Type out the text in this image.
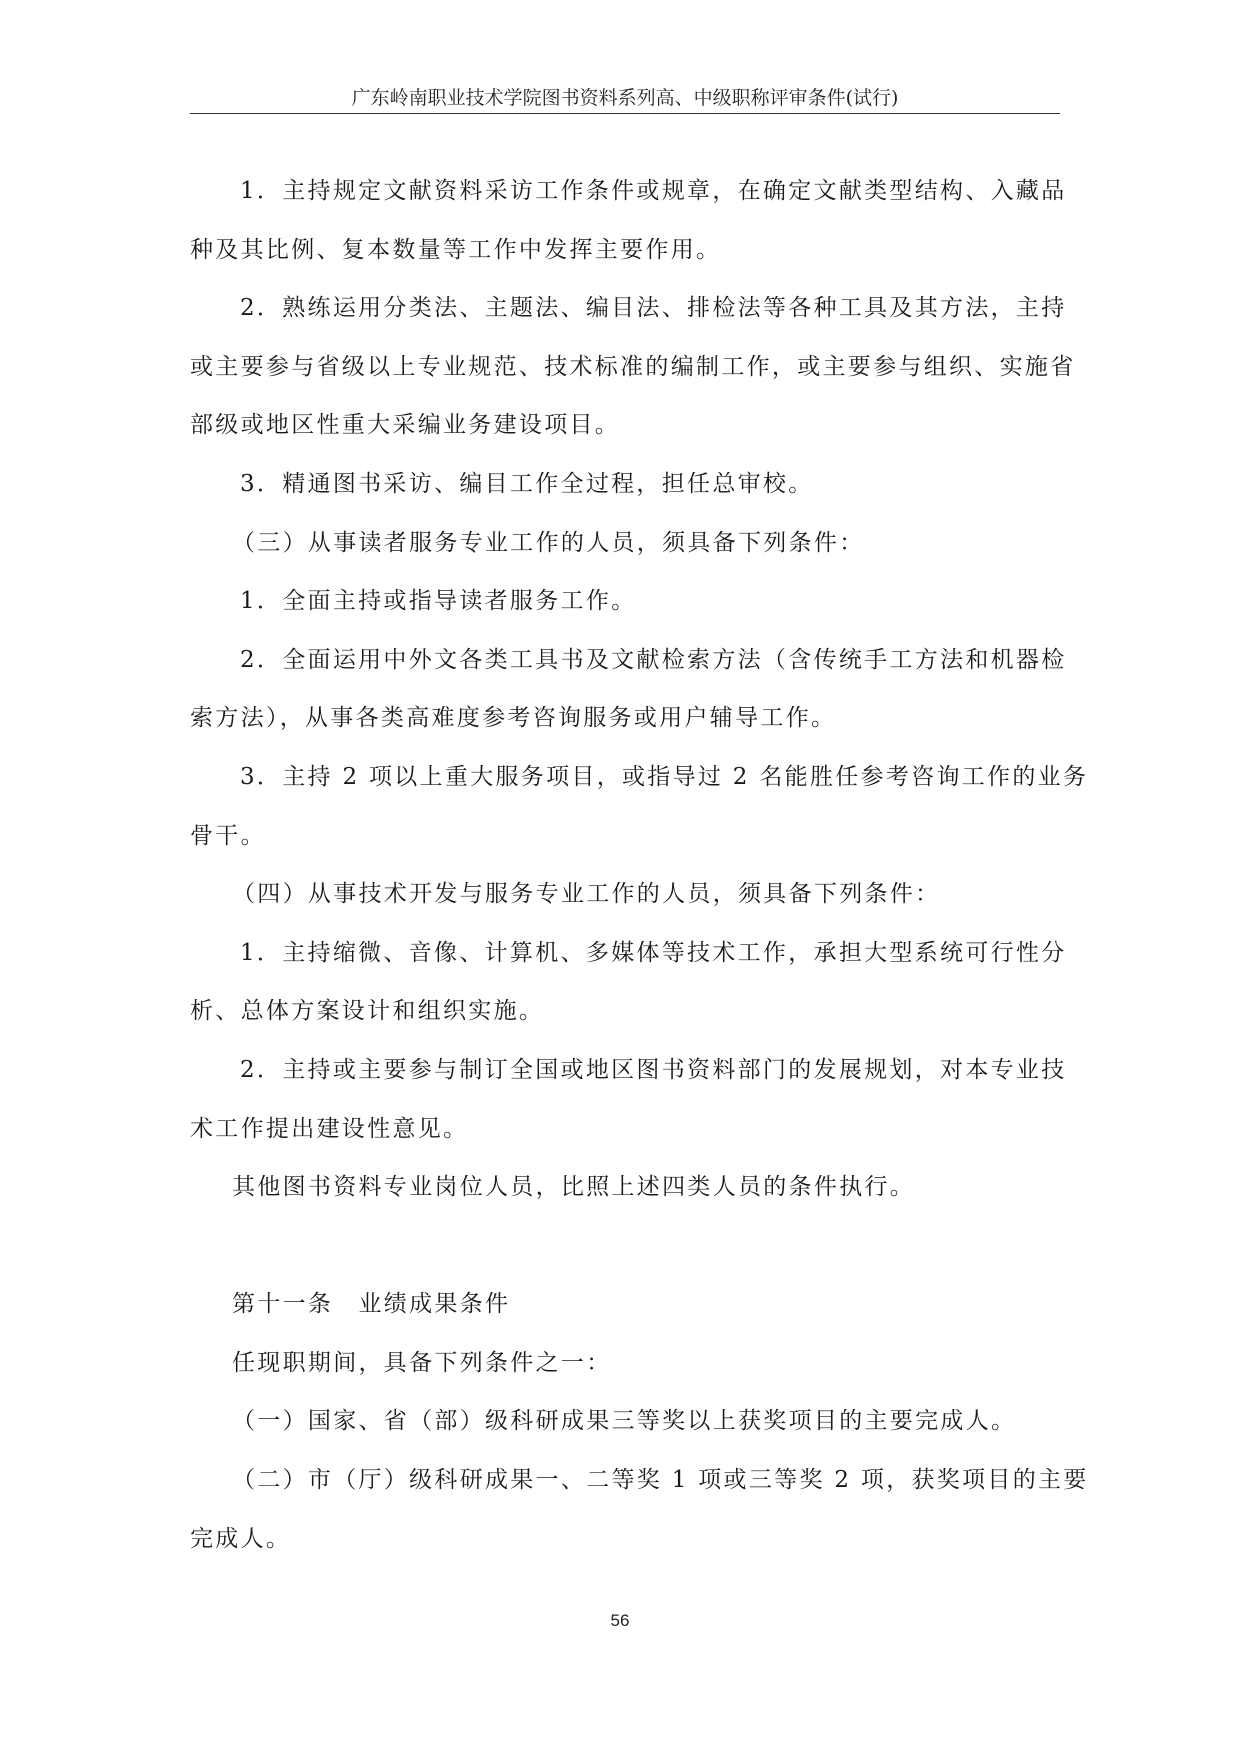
广东岭南职业技术学院图书资料系列高、中级职称评审条件(试行)
1．主持规定文献资料采访工作条件或规章，在确定文献类型结构、入藏品
种及其比例、复本数量等工作中发挥主要作用。
2．熟练运用分类法、主题法、编目法、排检法等各种工具及其方法，主持
或主要参与省级以上专业规范、技术标准的编制工作，或主要参与组织、实施省
部级或地区性重大采编业务建设项目。
3．精通图书采访、编目工作全过程，担任总审校。
（三）从事读者服务专业工作的人员，须具备下列条件：
1．全面主持或指导读者服务工作。
2．全面运用中外文各类工具书及文献检索方法（含传统手工方法和机器检
索方法），从事各类高难度参考咨询服务或用户辅导工作。
3．主持 2 项以上重大服务项目，或指导过 2 名能胜任参考咨询工作的业务
骨干。
（四）从事技术开发与服务专业工作的人员，须具备下列条件：
1．主持缩微、音像、计算机、多媒体等技术工作，承担大型系统可行性分
析、总体方案设计和组织实施。
2．主持或主要参与制订全国或地区图书资料部门的发展规划，对本专业技
术工作提出建设性意见。
其他图书资料专业岗位人员，比照上述四类人员的条件执行。
第十一条　业绩成果条件
任现职期间，具备下列条件之一：
（一）国家、省（部）级科研成果三等奖以上获奖项目的主要完成人。
（二）市（厅）级科研成果一、二等奖 1 项或三等奖 2 项，获奖项目的主要
完成人。
56
